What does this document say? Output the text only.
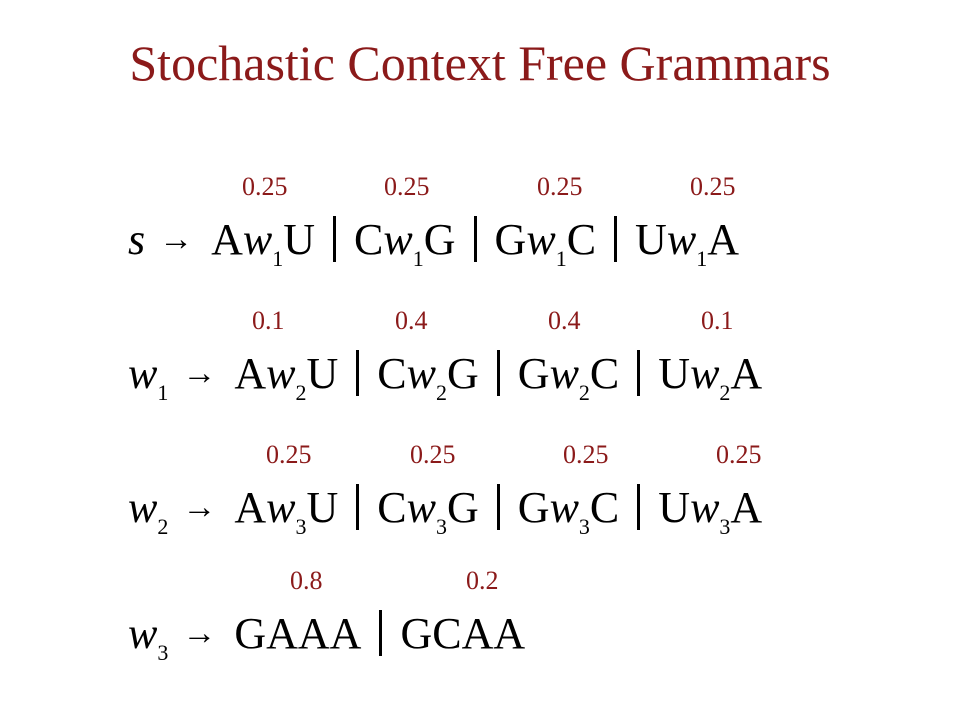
Stochastic Context Free Grammars
0.25	0.25	0.25	0.25
$s \to Aw_1U$ $Cw_1G$ $Gw_1C$ $Uw_1A$
0.1	0.4	0.4	0.1
$w_1\to Aw_2U$ $Cw_2G$ $Gw_2C$ $Uw_2A$
0.25	0.25	0.25	0.25
$w_2\to Aw_3U$ $Cw_3G$ $Gw_3C$ $Uw_3A$
0.8	0.2
$w_3\to$ GAAA GCAA
